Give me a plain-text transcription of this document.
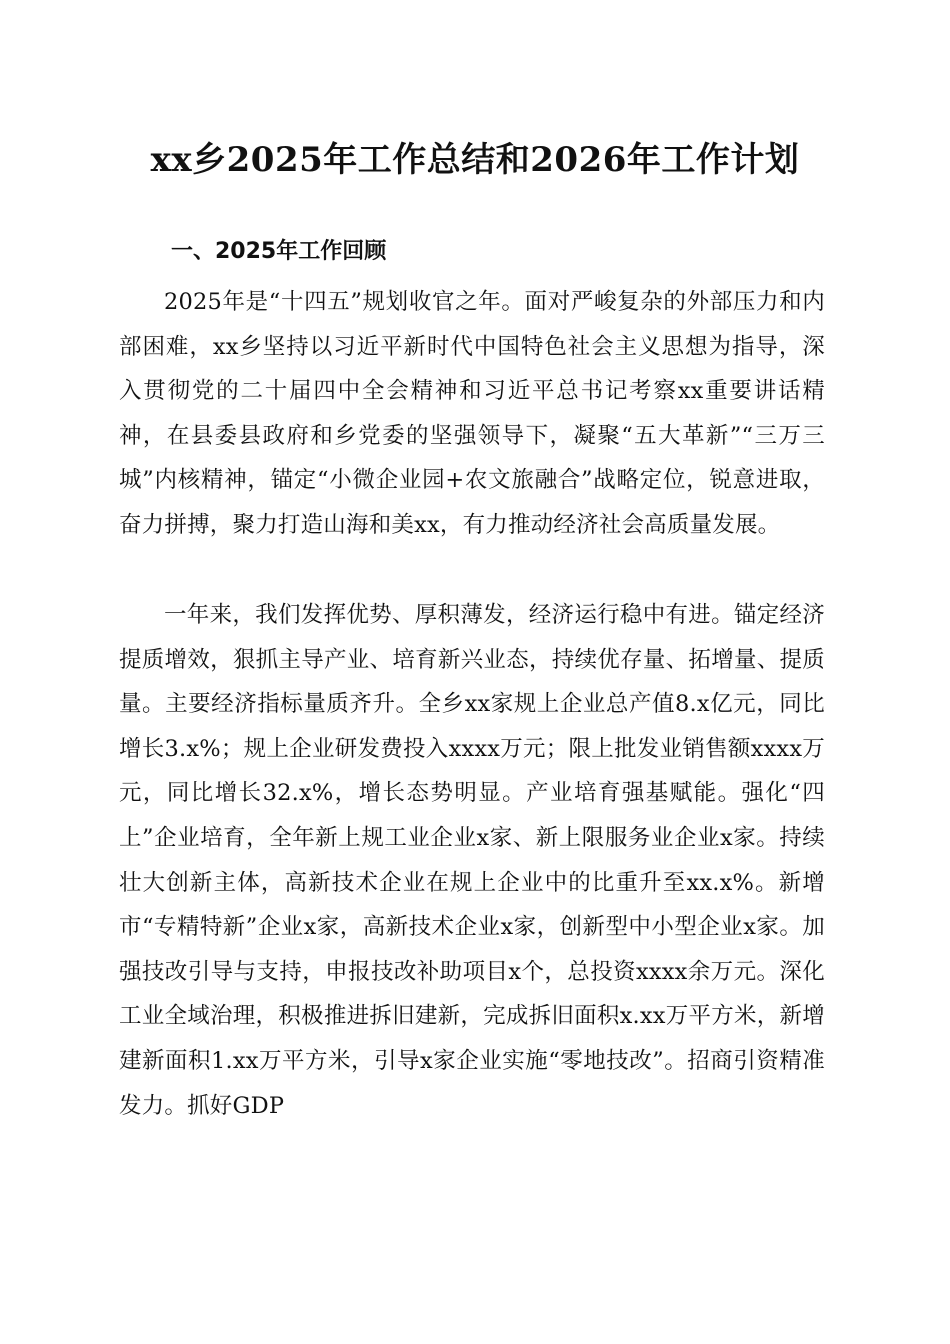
xx乡2025年工作总结和2026年工作计划
一、2025年工作回顾

2025年是“十四五”规划收官之年。面对严峻复杂的外部压力和内部困难，xx乡坚持以习近平新时代中国特色社会主义思想为指导，深入贯彻党的二十届四中全会精神和习近平总书记考察xx重要讲话精神，在县委县政府和乡党委的坚强领导下，凝聚“五大革新”“三万三城”内核精神，锚定“小微企业园+农文旅融合”战略定位，锐意进取，奋力拼搏，聚力打造山海和美xx，有力推动经济社会高质量发展。

一年来，我们发挥优势、厚积薄发，经济运行稳中有进。锚定经济提质增效，狠抓主导产业、培育新兴业态，持续优存量、拓增量、提质量。主要经济指标量质齐升。全乡xx家规上企业总产值8.x亿元，同比增长3.x%；规上企业研发费投入xxxx万元；限上批发业销售额xxxx万元，同比增长32.x%，增长态势明显。产业培育强基赋能。强化“四上”企业培育，全年新上规工业企业x家、新上限服务业企业x家。持续壮大创新主体，高新技术企业在规上企业中的比重升至xx.x%。新增市“专精特新”企业x家，高新技术企业x家，创新型中小型企业x家。加强技改引导与支持，申报技改补助项目x个，总投资xxxx余万元。深化工业全域治理，积极推进拆旧建新，完成拆旧面积x.xx万平方米，新增建新面积1.xx万平方米，引导x家企业实施“零地技改”。招商引资精准发力。抓好GDP
